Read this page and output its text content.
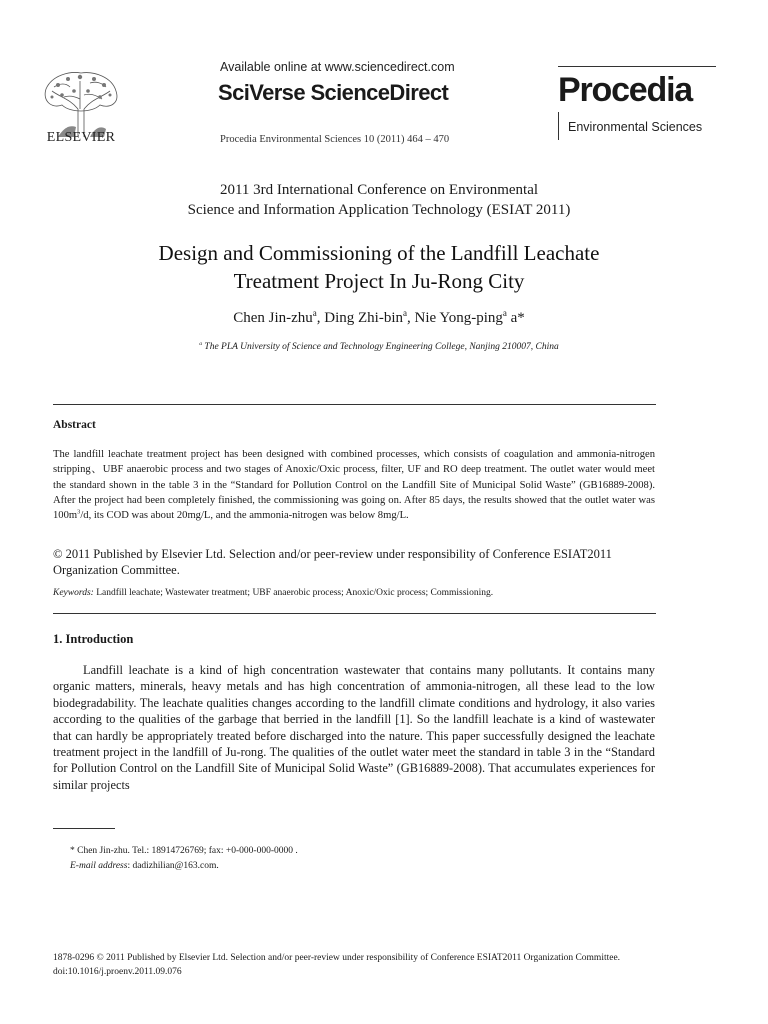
ELSEVIER
Available online at www.sciencedirect.com
SciVerse ScienceDirect
Procedia Environmental Sciences 10 (2011) 464 – 470
Procedia
Environmental Sciences
2011 3rd International Conference on Environmental
Science and Information Application Technology (ESIAT 2011)
Design and Commissioning of the Landfill Leachate
Treatment Project In Ju-Rong City
Chen Jin-zhu$^a$, Ding Zhi-bin$^a$, Nie Yong-ping$^a$ a*
$^a$ The PLA University of Science and Technology Engineering College, Nanjing 210007, China
Abstract
The landfill leachate treatment project has been designed with combined processes, which consists of coagulation and ammonia-nitrogen stripping、UBF anaerobic process and two stages of Anoxic/Oxic process, filter, UF and RO deep treatment. The outlet water would meet the standard shown in the table 3 in the “Standard for Pollution Control on the Landfill Site of Municipal Solid Waste” (GB16889-2008). After the project had been completely finished, the commissioning was going on. After 85 days, the results showed that the outlet water was $100m^3/d$, its COD was about 20mg/L, and the ammonia-nitrogen was below 8mg/L.
© 2011 Published by Elsevier Ltd. Selection and/or peer-review under responsibility of Conference ESIAT2011 Organization Committee.
Keywords: Landfill leachate; Wastewater treatment; UBF anaerobic process; Anoxic/Oxic process; Commissioning.
1. Introduction
Landfill leachate is a kind of high concentration wastewater that contains many pollutants. It contains many organic matters, minerals, heavy metals and has high concentration of ammonia-nitrogen, all these lead to the low biodegradability. The leachate qualities changes according to the landfill climate conditions and hydrology, it also varies according to the qualities of the garbage that berried in the landfill [1]. So the landfill leachate is a kind of wastewater that can hardly be appropriately treated before discharged into the nature. This paper successfully designed the leachate treatment project in the landfill of Ju-rong. The qualities of the outlet water meet the standard in table 3 in the “Standard for Pollution Control on the Landfill Site of Municipal Solid Waste” (GB16889-2008). That accumulates experiences for similar projects
* Chen Jin-zhu. Tel.: 18914726769; fax: +0-000-000-0000 .
E-mail address: dadizhilian@163.com.
1878-0296 © 2011 Published by Elsevier Ltd. Selection and/or peer-review under responsibility of Conference ESIAT2011 Organization Committee.
doi:10.1016/j.proenv.2011.09.076
